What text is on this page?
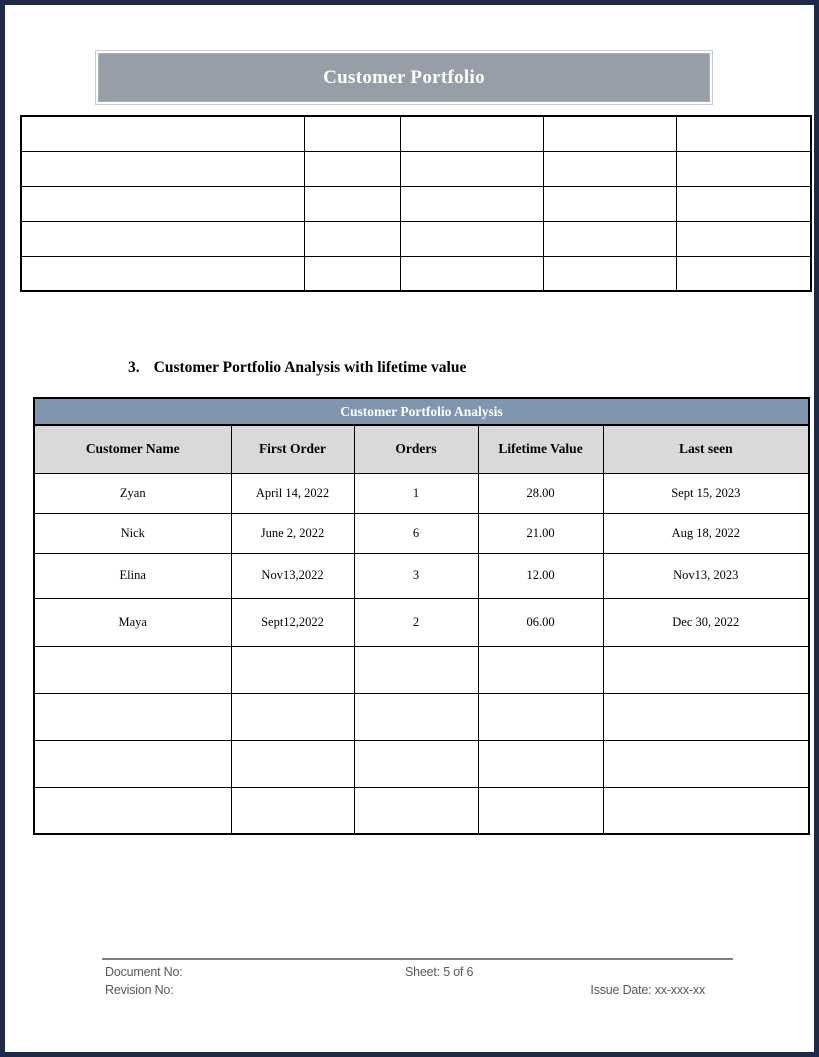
Customer Portfolio

3. Customer Portfolio Analysis with lifetime value
Customer Portfolio Analysis				
Customer Name	First Order	Orders	Lifetime Value	Last seen
Zyan	April 14, 2022	1	28.00	Sept 15, 2023
Nick	June 2, 2022	6	21.00	Aug 18, 2022
Elina	Nov13,2022	3	12.00	Nov13, 2023
Maya	Sept12,2022	2	06.00	Dec 30, 2022

Document No:
Revision No:
Sheet: 5 of 6
Issue Date: xx-xxx-xx
